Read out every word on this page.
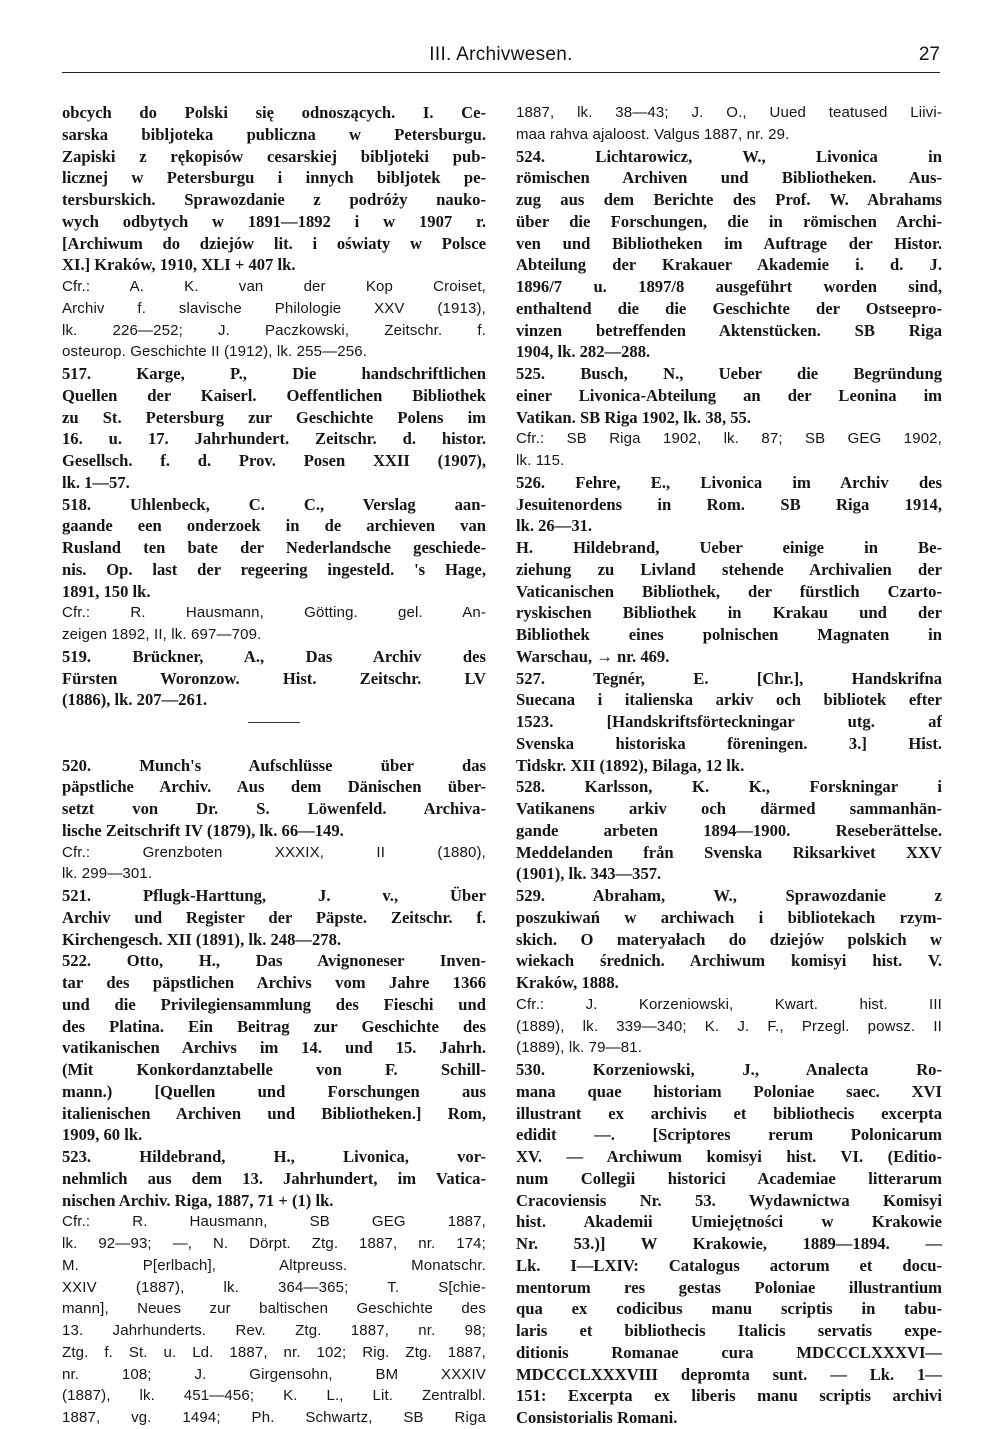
III. Archivwesen.	27
obcych do Polski się odnoszących. I. Ce-
sarska bibljoteka publiczna w Petersburgu.
Zapiski z rękopisów cesarskiej bibljoteki pub-
licznej w Petersburgu i innych bibljotek pe-
tersburskich. Sprawozdanie z podróży nauko-
wych odbytych w 1891—1892 i w 1907 r.
[Archiwum do dziejów lit. i oświaty w Polsce
XI.] Kraków, 1910, XLI + 407 lk.
Cfr.: A. K. van der Kop Croiset,
Archiv f. slavische Philologie XXV (1913),
lk. 226—252; J. Paczkowski, Zeitschr. f.
osteurop. Geschichte II (1912), lk. 255—256.
517. Karge, P., Die handschriftlichen
Quellen der Kaiserl. Oeffentlichen Bibliothek
zu St. Petersburg zur Geschichte Polens im
16. u. 17. Jahrhundert. Zeitschr. d. histor.
Gesellsch. f. d. Prov. Posen XXII (1907),
lk. 1—57.
518. Uhlenbeck, C. C., Verslag aan-
gaande een onderzoek in de archieven van
Rusland ten bate der Nederlandsche geschiede-
nis. Op. last der regeering ingesteld. 's Hage,
1891, 150 lk.
Cfr.: R. Hausmann, Götting. gel. An-
zeigen 1892, II, lk. 697—709.
519. Brückner, A., Das Archiv des
Fürsten Woronzow. Hist. Zeitschr. LV
(1886), lk. 207—261.
520. Munch's Aufschlüsse über das
päpstliche Archiv. Aus dem Dänischen über-
setzt von Dr. S. Löwenfeld. Archiva-
lische Zeitschrift IV (1879), lk. 66—149.
Cfr.: Grenzboten XXXIX, II (1880),
lk. 299—301.
521. Pflugk-Harttung, J. v., Über
Archiv und Register der Päpste. Zeitschr. f.
Kirchengesch. XII (1891), lk. 248—278.
522. Otto, H., Das Avignoneser Inven-
tar des päpstlichen Archivs vom Jahre 1366
und die Privilegiensammlung des Fieschi und
des Platina. Ein Beitrag zur Geschichte des
vatikanischen Archivs im 14. und 15. Jahrh.
(Mit Konkordanztabelle von F. Schill-
mann.) [Quellen und Forschungen aus
italienischen Archiven und Bibliotheken.] Rom,
1909, 60 lk.
523. Hildebrand, H., Livonica, vor-
nehmlich aus dem 13. Jahrhundert, im Vatica-
nischen Archiv. Riga, 1887, 71 + (1) lk.
Cfr.: R. Hausmann, SB GEG 1887,
lk. 92—93; —, N. Dörpt. Ztg. 1887, nr. 174;
M. P[erlbach], Altpreuss. Monatschr.
XXIV (1887), lk. 364—365; T. S[chie-
mann], Neues zur baltischen Geschichte des
13. Jahrhunderts. Rev. Ztg. 1887, nr. 98;
Ztg. f. St. u. Ld. 1887, nr. 102; Rig. Ztg. 1887,
nr. 108; J. Girgensohn, BM XXXIV
(1887), lk. 451—456; K. L., Lit. Zentralbl.
1887, vg. 1494; Ph. Schwartz, SB Riga
1887, lk. 38—43; J. O., Uued teatused Liivi-
maa rahva ajaloost. Valgus 1887, nr. 29.
524. Lichtarowicz, W., Livonica in
römischen Archiven und Bibliotheken. Aus-
zug aus dem Berichte des Prof. W. Abrahams
über die Forschungen, die in römischen Archi-
ven und Bibliotheken im Auftrage der Histor.
Abteilung der Krakauer Akademie i. d. J.
1896/7 u. 1897/8 ausgeführt worden sind,
enthaltend die die Geschichte der Ostseepro-
vinzen betreffenden Aktenstücken. SB Riga
1904, lk. 282—288.
525. Busch, N., Ueber die Begründung
einer Livonica-Abteilung an der Leonina im
Vatikan. SB Riga 1902, lk. 38, 55.
Cfr.: SB Riga 1902, lk. 87; SB GEG 1902,
lk. 115.
526. Fehre, E., Livonica im Archiv des
Jesuitenordens in Rom. SB Riga 1914,
lk. 26—31.
H. Hildebrand, Ueber einige in Be-
ziehung zu Livland stehende Archivalien der
Vaticanischen Bibliothek, der fürstlich Czarto-
ryskischen Bibliothek in Krakau und der
Bibliothek eines polnischen Magnaten in
Warschau, → nr. 469.
527. Tegnér, E. [Chr.], Handskrifna
Suecana i italienska arkiv och bibliotek efter
1523. [Handskriftsförteckningar utg. af
Svenska historiska föreningen. 3.] Hist.
Tidskr. XII (1892), Bilaga, 12 lk.
528. Karlsson, K. K., Forskningar i
Vatikanens arkiv och därmed sammanhän-
gande arbeten 1894—1900. Reseberättelse.
Meddelanden från Svenska Riksarkivet XXV
(1901), lk. 343—357.
529. Abraham, W., Sprawozdanie z
poszukiwań w archiwach i bibliotekach rzym-
skich. O materyałach do dziejów polskich w
wiekach średnich. Archiwum komisyi hist. V.
Kraków, 1888.
Cfr.: J. Korzeniowski, Kwart. hist. III
(1889), lk. 339—340; K. J. F., Przegl. powsz. II
(1889), lk. 79—81.
530. Korzeniowski, J., Analecta Ro-
mana quae historiam Poloniae saec. XVI
illustrant ex archivis et bibliothecis excerpta
edidit —. [Scriptores rerum Polonicarum
XV. — Archiwum komisyi hist. VI. (Editio-
num Collegii historici Academiae litterarum
Cracoviensis Nr. 53. Wydawnictwa Komisyi
hist. Akademii Umiejętności w Krakowie
Nr. 53.)] W Krakowie, 1889—1894. —
Lk. I—LXIV: Catalogus actorum et docu-
mentorum res gestas Poloniae illustrantium
qua ex codicibus manu scriptis in tabu-
laris et bibliothecis Italicis servatis expe-
ditionis Romanae cura MDCCCLXXXVI—
MDCCCLXXXVIII depromta sunt. — Lk. 1—
151: Excerpta ex liberis manu scriptis archivi
Consistorialis Romani.
